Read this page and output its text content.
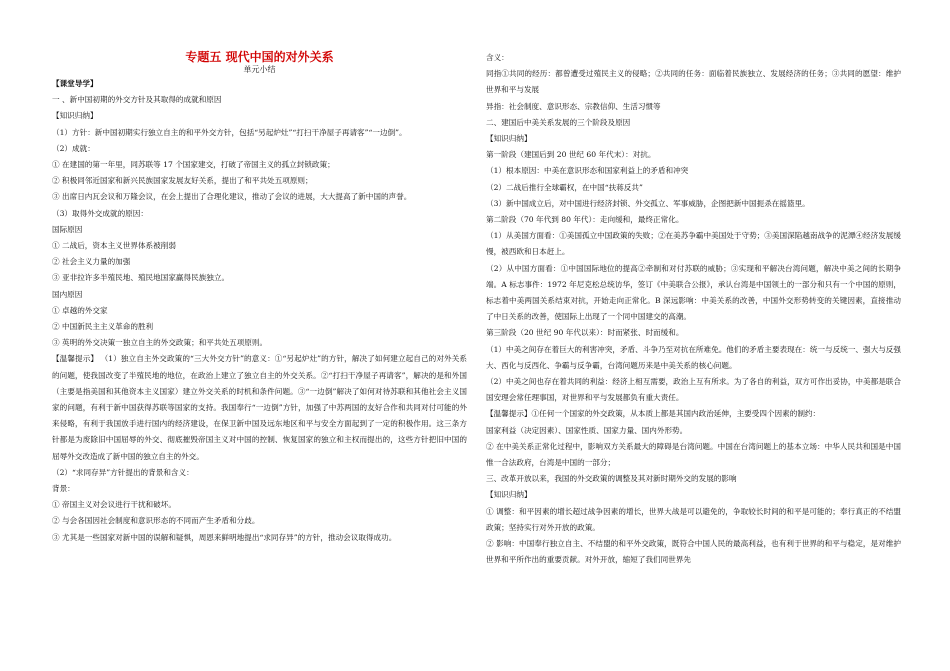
专题五 现代中国的对外关系
单元小结

【课堂导学】

一 、新中国初期的外交方针及其取得的成就和原因

【知识归纳】

（1）方针：新中国初期实行独立自主的和平外交方针，包括“另起炉灶”“打扫干净屋子再请客”“一边倒”。

（2）成就：

① 在建国的第一年里，同苏联等 17 个国家建交，打破了帝国主义的孤立封锁政策；

② 积极同邻近国家和新兴民族国家发展友好关系，提出了和平共处五项原则；

③ 出席日内瓦会议和万隆会议，在会上提出了合理化建议，推动了会议的进展，大大提高了新中国的声誉。

（3）取得外交成就的原因：

国际原因

① 二战后，资本主义世界体系被削弱

② 社会主义力量的加强

③ 亚非拉许多半殖民地、殖民地国家赢得民族独立。

国内原因

① 卓越的外交家

② 中国新民主主义革命的胜利

③ 英明的外交决策一独立自主的外交政策；和平共处五项原则。

【温馨提示】 （1）独立自主外交政策的“三大外交方针”的意义：①“另起炉灶”的方针，解决了如何建立起自己的对外关系的问题，使我国改变了半殖民地的地位，在政治上建立了独立自主的外交关系。②“打扫干净屋子再请客”，解决的是和外国（主要是指美国和其他资本主义国家）建立外交关系的时机和条件问题。③“一边倒”解决了如何对待苏联和其他社会主义国家的问题，有利于新中国获得苏联等国家的支持。我国奉行“一边倒”方针，加强了中苏两国的友好合作和共同对付可能的外来侵略，有利于我国放手进行国内的经济建设，在保卫新中国及远东地区和平与安全方面起到了一定的积极作用。这三条方针都是为废除旧中国屈辱的外交、彻底摧毁帝国主义对中国的控制、恢复国家的独立和主权而提出的，这些方针把旧中国的屈辱外交改造成了新中国的独立自主的外交。

（2）“求同存异”方针提出的背景和含义：

背景：

① 帝国主义对会议进行干扰和破坏。

② 与会各国因社会制度和意识形态的不同而产生矛盾和分歧。

③ 尤其是一些国家对新中国的误解和疑惧，周恩来鲜明地提出“求同存异”的方针，推动会议取得成功。

含义：

同指①共同的经历：都曾遭受过殖民主义的侵略；②共同的任务：面临着民族独立、发展经济的任务；③共同的愿望：维护世界和平与发展

异指：社会制度、意识形态、宗教信仰、生活习惯等

二、建国后中美关系发展的三个阶段及原因

【知识归纳】

第一阶段（建国后到 20 世纪 60 年代末）：对抗。

（1）根本原因：中美在意识形态和国家利益上的矛盾和冲突

（2）二战后推行全球霸权，在中国“扶蒋反共”

（3）新中国成立后，对中国进行经济封锁、外交孤立、军事威胁，企图把新中国扼杀在摇篮里。

第二阶段（70 年代到 80 年代）：走向缓和，最终正常化。

（1）从美国方面看：①美国孤立中国政策的失败；②在美苏争霸中美国处于守势；③美国深陷越南战争的泥潭④经济发展缓慢，被西欧和日本赶上。

（2）从中国方面看：①中国国际地位的提高②牵制和对付苏联的威胁；③实现和平解决台湾问题，解决中美之间的长期争端。A 标志事件：1972 年尼克松总统访华，签订《中美联合公报》，承认台湾是中国领土的一部分和只有一个中国的原则，标志着中美两国关系结束对抗，开始走向正常化。B 深远影响：中美关系的改善，中国外交形势转变的关键因素，直接推动了中日关系的改善，使国际上出现了一个同中国建交的高潮。

第三阶段（20 世纪 90 年代以来）：时而紧张、时而缓和。

（1）中美之间存在着巨大的利害冲突，矛盾、斗争乃至对抗在所难免。他们的矛盾主要表现在：统一与反统一、强大与反强大、西化与反西化、争霸与反争霸，台湾问题历来是中美关系的核心问题。

（2）中美之间也存在着共同的利益：经济上相互需要，政治上互有所求。为了各自的利益，双方可作出妥协，中美都是联合国安理会常任理事国，对世界和平与发展都负有重大责任。

【温馨提示】①任何一个国家的外交政策，从本质上都是其国内政治延伸，主要受四个因素的制约：

国家利益（决定因素）、国家性质、国家力量、国内外形势。

② 在中美关系正常化过程中，影响双方关系最大的障碍是台湾问题。中国在台湾问题上的基本立场：中华人民共和国是中国惟一合法政府，台湾是中国的一部分；

三、改革开放以来，我国的外交政策的调整及其对新时期外交的发展的影响

【知识归纳】

① 调整：和平因素的增长超过战争因素的增长，世界大战是可以避免的，争取较长时间的和平是可能的；奉行真正的不结盟政策；坚持实行对外开放的政策。

② 影响：中国奉行独立自主、不结盟的和平外交政策，既符合中国人民的最高利益，也有利于世界的和平与稳定，是对维护世界和平所作出的重要贡献。对外开放，缩短了我们同世界先
